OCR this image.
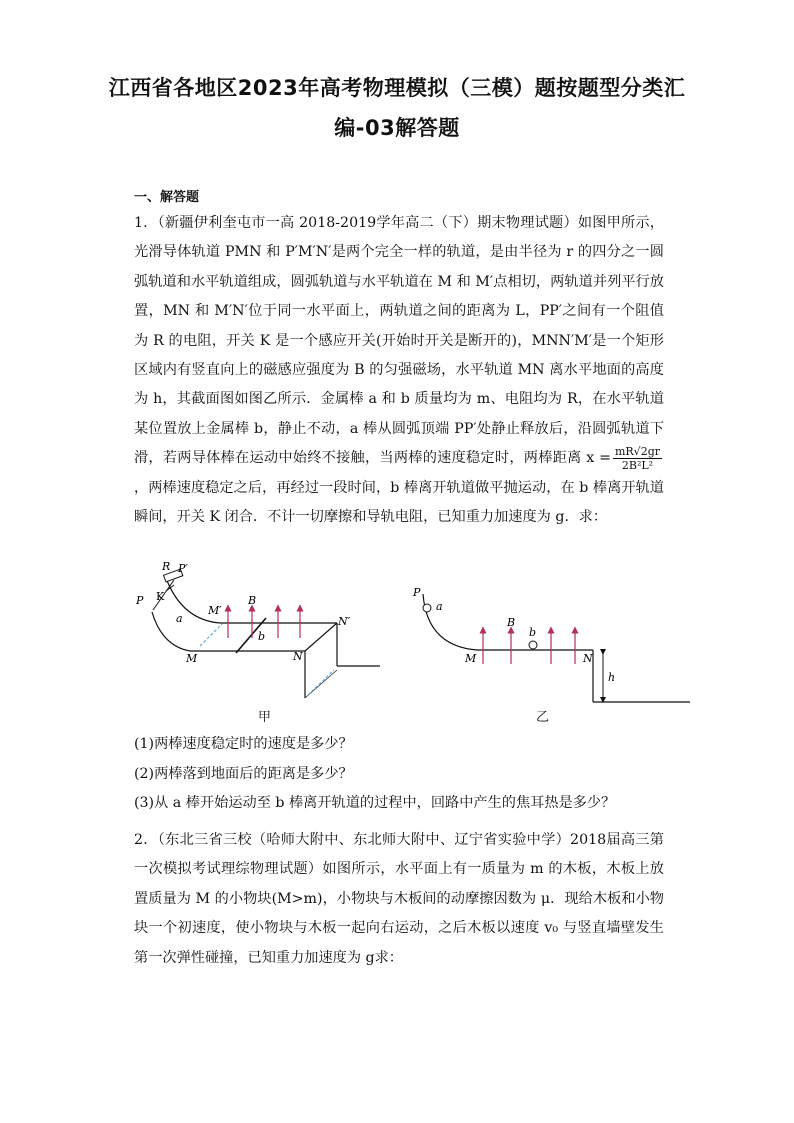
江西省各地区2023年高考物理模拟（三模）题按题型分类汇
编-03解答题
一、解答题

1．（新疆伊利奎屯市一高 2018-2019学年高二（下）期末物理试题）如图甲所示，光滑导体轨道 PMN 和 P′M′N′是两个完全一样的轨道，是由半径为 r 的四分之一圆弧轨道和水平轨道组成，圆弧轨道与水平轨道在 M 和 M′点相切，两轨道并列平行放置，MN 和 M′N′位于同一水平面上，两轨道之间的距离为 L，PP′之间有一个阻值为 R 的电阻，开关 K 是一个感应开关(开始时开关是断开的)，MNN′M′是一个矩形区域内有竖直向上的磁感应强度为 B 的匀强磁场，水平轨道 MN 离水平地面的高度为 h，其截面图如图乙所示．金属棒 a 和 b 质量均为 m、电阻均为 R，在水平轨道某位置放上金属棒 b，静止不动，a 棒从圆弧顶端 PP′处静止释放后，沿圆弧轨道下滑，若两导体棒在运动中始终不接触，当两棒的速度稳定时，两棒距离 $x = \frac{mR√2gr}{\text{2B²L²}}$
，两棒速度稳定之后，再经过一段时间，b 棒离开轨道做平抛运动，在 b 棒离开轨道瞬间，开关 K 闭合．不计一切摩擦和导轨电阻，已知重力加速度为 g．求：

R P′
P K
a
M′
B
b
N′
M	N
甲
P
a
B
b
M	N
h
乙
(1)两棒速度稳定时的速度是多少？
(2)两棒落到地面后的距离是多少？
(3)从 a 棒开始运动至 b 棒离开轨道的过程中，回路中产生的焦耳热是多少？

2．（东北三省三校（哈师大附中、东北师大附中、辽宁省实验中学）2018届高三第一次模拟考试理综物理试题）如图所示，水平面上有一质量为 m 的木板，木板上放置质量为 M 的小物块(M>m)，小物块与木板间的动摩擦因数为 μ．现给木板和小物块一个初速度，使小物块与木板一起向右运动，之后木板以速度 v₀ 与竖直墙壁发生第一次弹性碰撞，已知重力加速度为 g求：
